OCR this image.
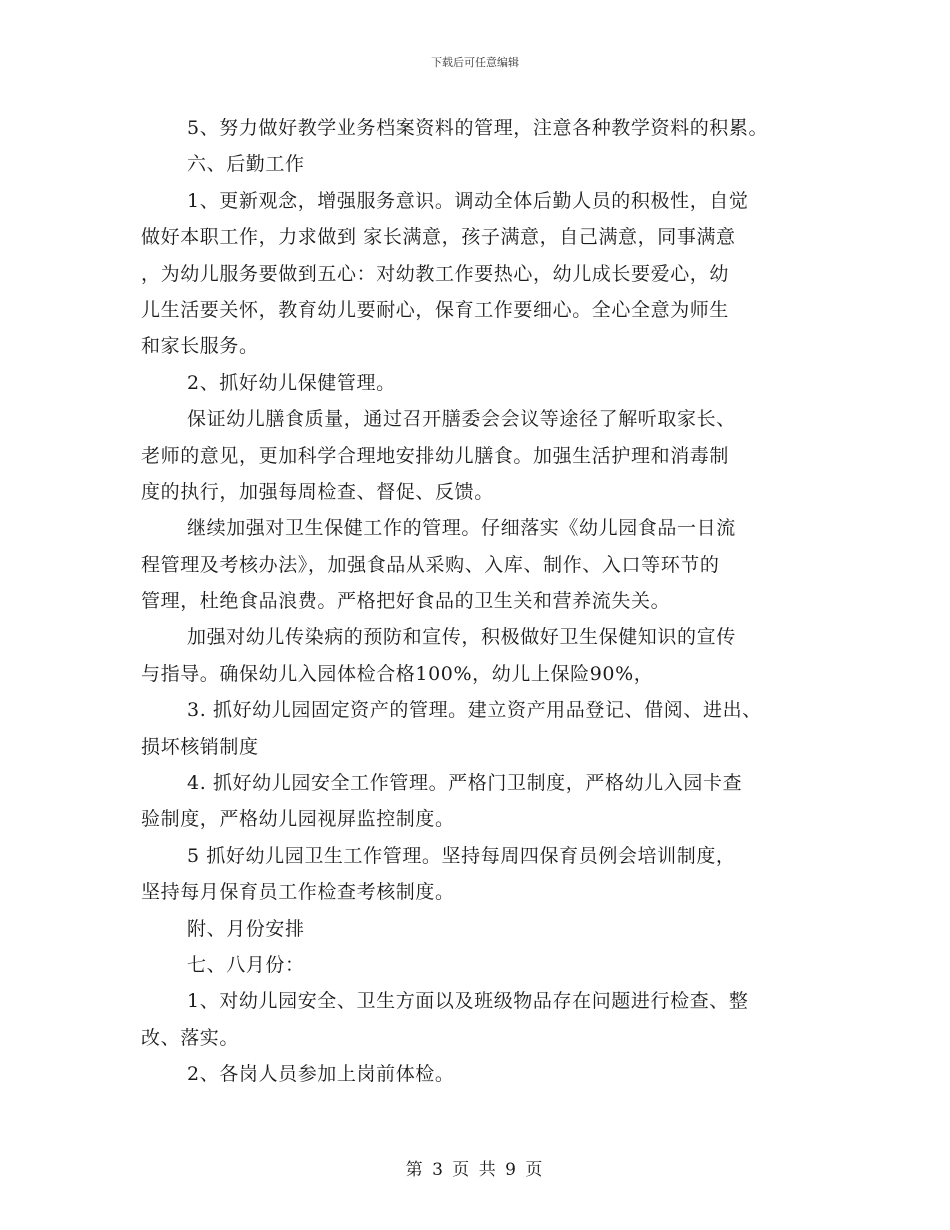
下载后可任意编辑
5、努力做好教学业务档案资料的管理，注意各种教学资料的积累。
六、后勤工作
1、更新观念，增强服务意识。调动全体后勤人员的积极性，自觉
做好本职工作，力求做到 家长满意，孩子满意，自己满意，同事满意
，为幼儿服务要做到五心：对幼教工作要热心，幼儿成长要爱心，幼
儿生活要关怀，教育幼儿要耐心，保育工作要细心。全心全意为师生
和家长服务。
2、抓好幼儿保健管理。
保证幼儿膳食质量，通过召开膳委会会议等途径了解听取家长、
老师的意见，更加科学合理地安排幼儿膳食。加强生活护理和消毒制
度的执行，加强每周检查、督促、反馈。
继续加强对卫生保健工作的管理。仔细落实《幼儿园食品一日流
程管理及考核办法》，加强食品从采购、入库、制作、入口等环节的
管理，杜绝食品浪费。严格把好食品的卫生关和营养流失关。
加强对幼儿传染病的预防和宣传，积极做好卫生保健知识的宣传
与指导。确保幼儿入园体检合格100%，幼儿上保险90%，
3. 抓好幼儿园固定资产的管理。建立资产用品登记、借阅、进出、
损坏核销制度
4. 抓好幼儿园安全工作管理。严格门卫制度，严格幼儿入园卡查
验制度，严格幼儿园视屏监控制度。
5 抓好幼儿园卫生工作管理。坚持每周四保育员例会培训制度，
坚持每月保育员工作检查考核制度。
附、月份安排
七、八月份：
1、对幼儿园安全、卫生方面以及班级物品存在问题进行检查、整
改、落实。
2、各岗人员参加上岗前体检。
第 3 页 共 9 页
